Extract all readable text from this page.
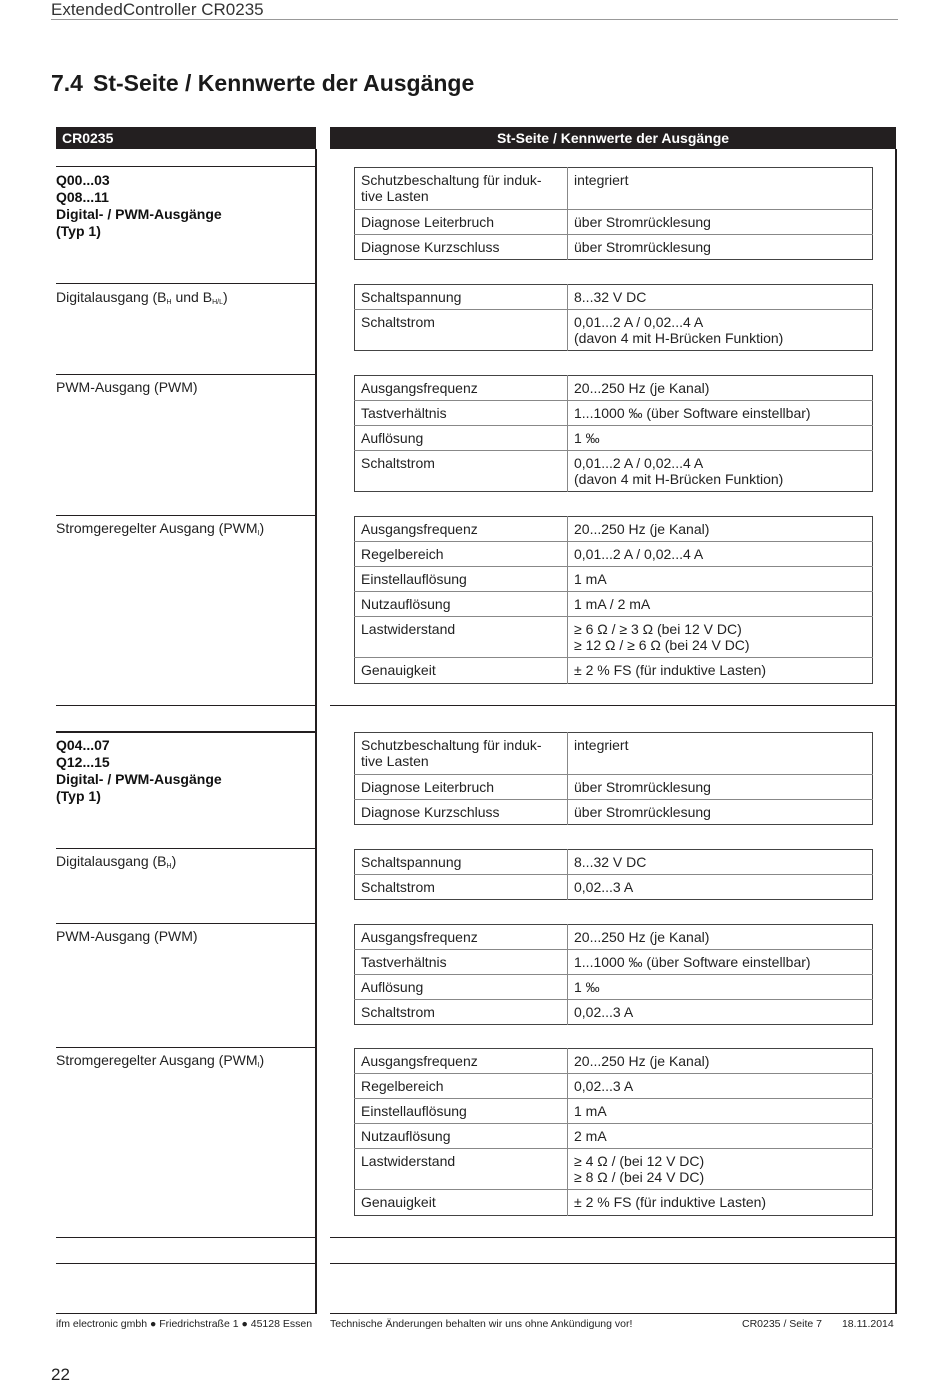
ExtendedController CR0235
7.4 St-Seite / Kennwerte der Ausgänge
CR0235	St-Seite / Kennwerte der Ausgänge
Q00...03
Q08...11
Digital- / PWM-Ausgänge
(Typ 1)
Schutzbeschaltung für induk-
tive Lasten	integriert
Diagnose Leiterbruch	über Stromrücklesung
Diagnose Kurzschluss	über Stromrücklesung
Digitalausgang ($B_H$ und $B_{H/L}$)	Schaltspannung	8...32 V DC
Schaltstrom	0,01...2 A / 0,02...4 A
(davon 4 mit H-Brücken Funktion)
PWM-Ausgang (PWM)	Ausgangsfrequenz	20...250 Hz (je Kanal)
Tastverhältnis	1...1000 ‰ (über Software einstellbar)
Auflösung	1 ‰
Schaltstrom	0,01...2 A / 0,02...4 A
(davon 4 mit H-Brücken Funktion)
Stromgeregelter Ausgang $(PWM_I)$	Ausgangsfrequenz	20...250 Hz (je Kanal)
Regelbereich	0,01...2 A / 0,02...4 A
Einstellauflösung	1 mA
Nutzauflösung	1 mA / 2 mA
Lastwiderstand	≥ 6 Ω / ≥ 3 Ω (bei 12 V DC)
≥ 12 Ω / ≥ 6 Ω (bei 24 V DC)
Genauigkeit	± 2 % FS (für induktive Lasten)
Q04...07
Q12...15
Digital- / PWM-Ausgänge
(Typ 1)
Schutzbeschaltung für induk-
tive Lasten	integriert
Diagnose Leiterbruch	über Stromrücklesung
Diagnose Kurzschluss	über Stromrücklesung
Digitalausgang $(B_H)$	Schaltspannung	8...32 V DC
Schaltstrom	0,02...3 A
PWM-Ausgang (PWM)	Ausgangsfrequenz	20...250 Hz (je Kanal)
Tastverhältnis	1...1000 ‰ (über Software einstellbar)
Auflösung	1 ‰
Schaltstrom	0,02...3 A
Stromgeregelter Ausgang $(PWM_I)$	Ausgangsfrequenz	20...250 Hz (je Kanal)
Regelbereich	0,02...3 A
Einstellauflösung	1 mA
Nutzauflösung	2 mA
Lastwiderstand	≥ 4 Ω / (bei 12 V DC)
≥ 8 Ω / (bei 24 V DC)
Genauigkeit	± 2 % FS (für induktive Lasten)
ifm electronic gmbh ● Friedrichstraße 1 ● 45128 Essen Technische Änderungen behalten wir uns ohne Ankündigung vor!	CR0235 / Seite 7 18.11.2014
22
